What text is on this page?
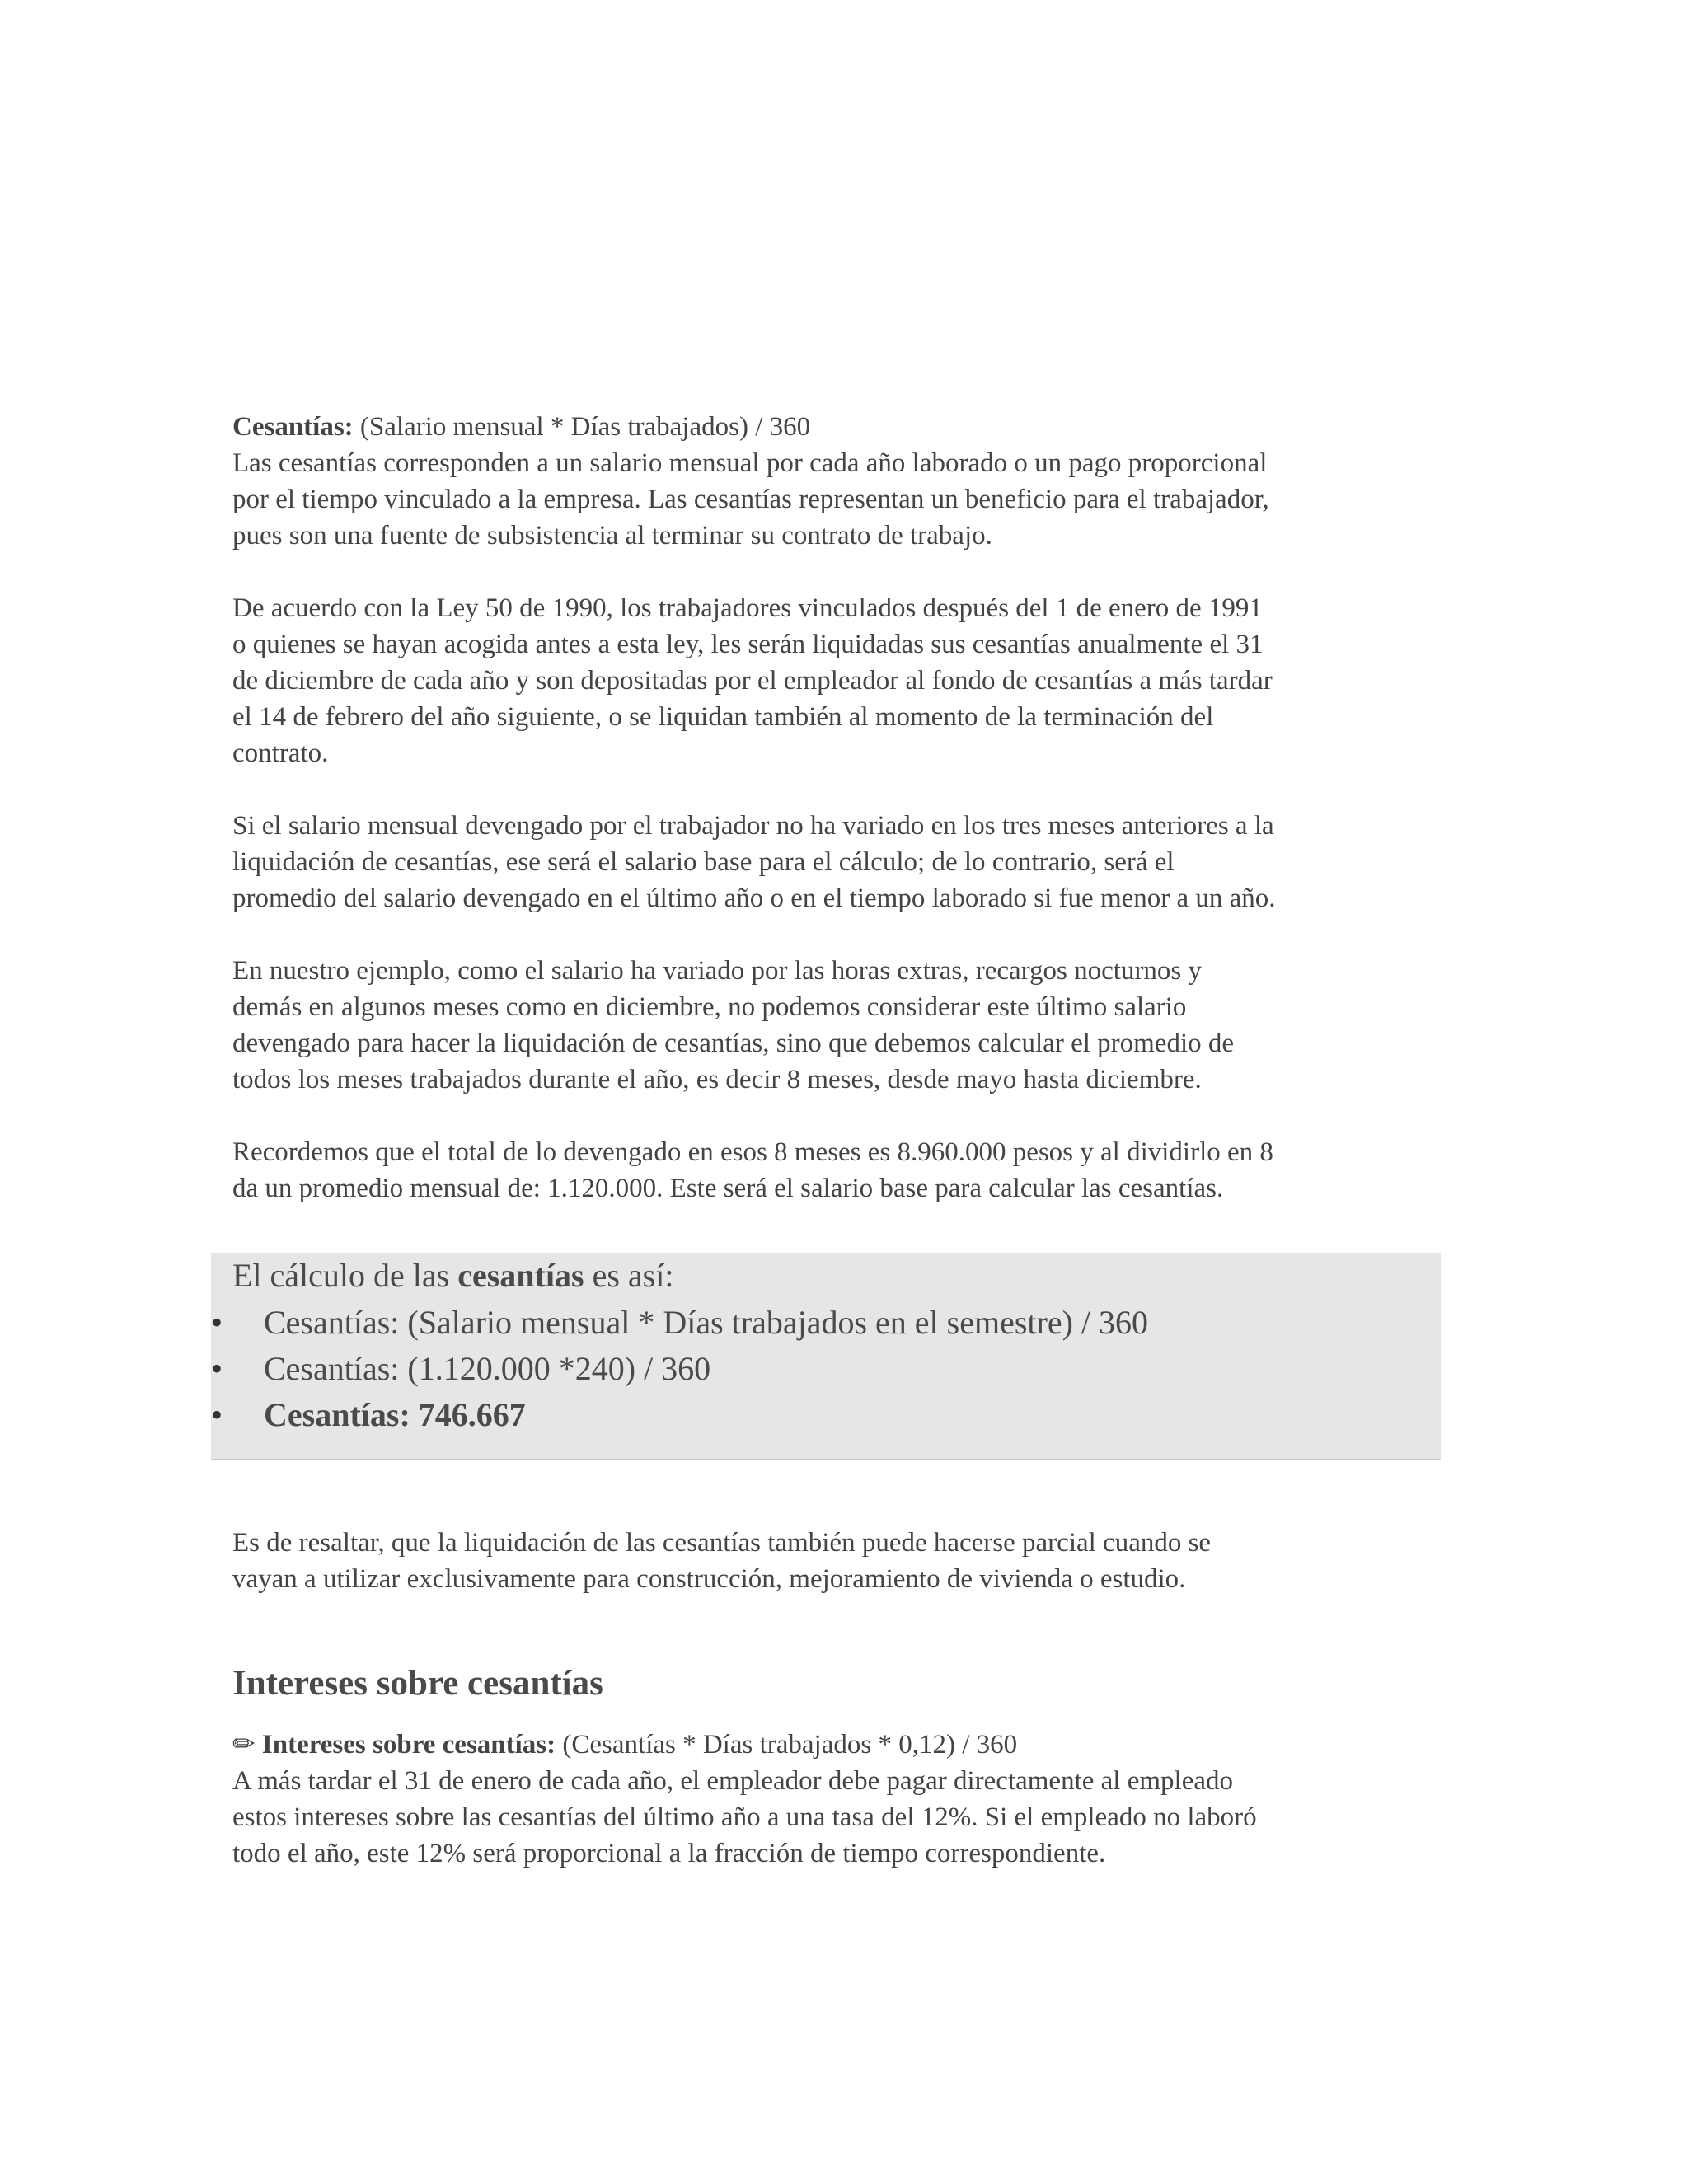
Cesantías: (Salario mensual * Días trabajados) / 360
Las cesantías corresponden a un salario mensual por cada año laborado o un pago proporcional
por el tiempo vinculado a la empresa. Las cesantías representan un beneficio para el trabajador,
pues son una fuente de subsistencia al terminar su contrato de trabajo.
De acuerdo con la Ley 50 de 1990, los trabajadores vinculados después del 1 de enero de 1991
o quienes se hayan acogida antes a esta ley, les serán liquidadas sus cesantías anualmente el 31
de diciembre de cada año y son depositadas por el empleador al fondo de cesantías a más tardar
el 14 de febrero del año siguiente, o se liquidan también al momento de la terminación del
contrato.
Si el salario mensual devengado por el trabajador no ha variado en los tres meses anteriores a la
liquidación de cesantías, ese será el salario base para el cálculo; de lo contrario, será el
promedio del salario devengado en el último año o en el tiempo laborado si fue menor a un año.
En nuestro ejemplo, como el salario ha variado por las horas extras, recargos nocturnos y
demás en algunos meses como en diciembre, no podemos considerar este último salario
devengado para hacer la liquidación de cesantías, sino que debemos calcular el promedio de
todos los meses trabajados durante el año, es decir 8 meses, desde mayo hasta diciembre.
Recordemos que el total de lo devengado en esos 8 meses es 8.960.000 pesos y al dividirlo en 8
da un promedio mensual de: 1.120.000. Este será el salario base para calcular las cesantías.
El cálculo de las cesantías es así:
• Cesantías: (Salario mensual * Días trabajados en el semestre) / 360
• Cesantías: (1.120.000 *240) / 360
• Cesantías: 746.667
Es de resaltar, que la liquidación de las cesantías también puede hacerse parcial cuando se
vayan a utilizar exclusivamente para construcción, mejoramiento de vivienda o estudio.
Intereses sobre cesantías
✏ Intereses sobre cesantías: (Cesantías * Días trabajados * 0,12) / 360
A más tardar el 31 de enero de cada año, el empleador debe pagar directamente al empleado
estos intereses sobre las cesantías del último año a una tasa del 12%. Si el empleado no laboró
todo el año, este 12% será proporcional a la fracción de tiempo correspondiente.
